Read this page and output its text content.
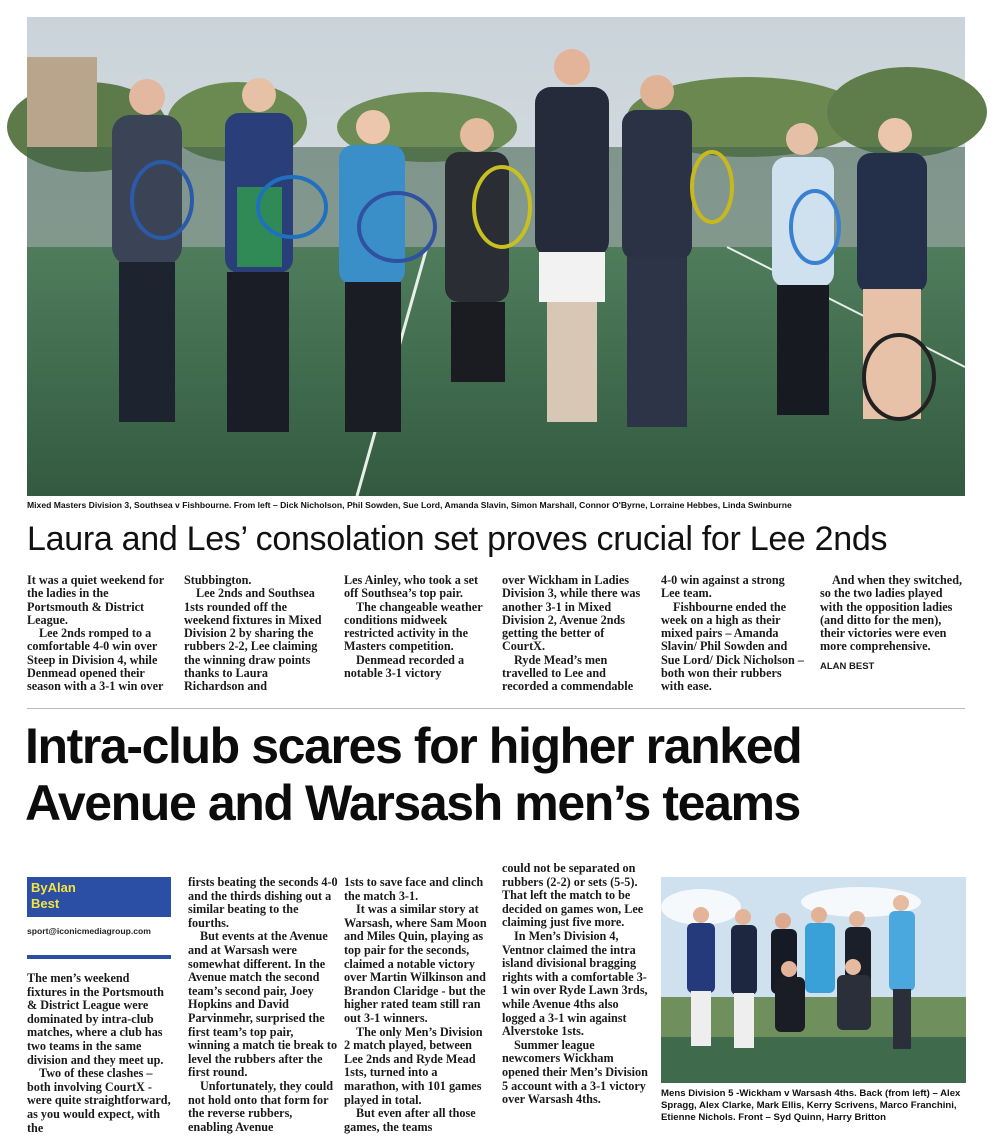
Mixed Masters Division 3, Southsea v Fishbourne. From left – Dick Nicholson, Phil Sowden, Sue Lord, Amanda Slavin, Simon Marshall, Connor O'Byrne, Lorraine Hebbes, Linda Swinburne
Laura and Les’ consolation set proves crucial for Lee 2nds

It was a quiet weekend for the ladies in the Portsmouth & District League.

Lee 2nds romped to a comfortable 4-0 win over Steep in Division 4, while Denmead opened their season with a 3-1 win over

Stubbington.

Lee 2nds and Southsea 1sts rounded off the weekend fixtures in Mixed Division 2 by sharing the rubbers 2-2, Lee claiming the winning draw points thanks to Laura Richardson and

Les Ainley, who took a set off Southsea’s top pair.

The changeable weather conditions midweek restricted activity in the Masters competition.

Denmead recorded a notable 3-1 victory

over Wickham in Ladies Division 3, while there was another 3-1 in Mixed Division 2, Avenue 2nds getting the better of CourtX.

Ryde Mead’s men travelled to Lee and recorded a commendable

4-0 win against a strong Lee team.

Fishbourne ended the week on a high as their mixed pairs – Amanda Slavin/ Phil Sowden and Sue Lord/ Dick Nicholson – both won their rubbers with ease.

And when they switched, so the two ladies played with the opposition ladies (and ditto for the men), their victories were even more comprehensive.

ALAN BEST

Intra-club scares for higher ranked
Avenue and Warsash men’s teams
ByAlan
Best
sport@iconicmediagroup.com

The men’s weekend fixtures in the Portsmouth & District League were dominated by intra-club matches, where a club has two teams in the same division and they meet up.

Two of these clashes – both involving CourtX - were quite straightforward, as you would expect, with the

firsts beating the seconds 4-0 and the thirds dishing out a similar beating to the fourths.

But events at the Avenue and at Warsash were somewhat different. In the Avenue match the second team’s second pair, Joey Hopkins and David Parvinmehr, surprised the first team’s top pair, winning a match tie break to level the rubbers after the first round.

Unfortunately, they could not hold onto that form for the reverse rubbers, enabling Avenue

1sts to save face and clinch the match 3-1.

It was a similar story at Warsash, where Sam Moon and Miles Quin, playing as top pair for the seconds, claimed a notable victory over Martin Wilkinson and Brandon Claridge - but the higher rated team still ran out 3-1 winners.

The only Men’s Division 2 match played, between Lee 2nds and Ryde Mead 1sts, turned into a marathon, with 101 games played in total.

But even after all those games, the teams

could not be separated on rubbers (2-2) or sets (5-5). That left the match to be decided on games won, Lee claiming just five more.

In Men’s Division 4, Ventnor claimed the intra island divisional bragging rights with a comfortable 3-1 win over Ryde Lawn 3rds, while Avenue 4ths also logged a 3-1 win against Alverstoke 1sts.

Summer league newcomers Wickham opened their Men’s Division 5 account with a 3-1 victory over Warsash 4ths.	Mens Division 5 -Wickham v Warsash 4ths. Back (from left) – Alex Spragg, Alex Clarke, Mark Ellis, Kerry Scrivens, Marco Franchini, Etienne Nichols. Front – Syd Quinn, Harry Britton
